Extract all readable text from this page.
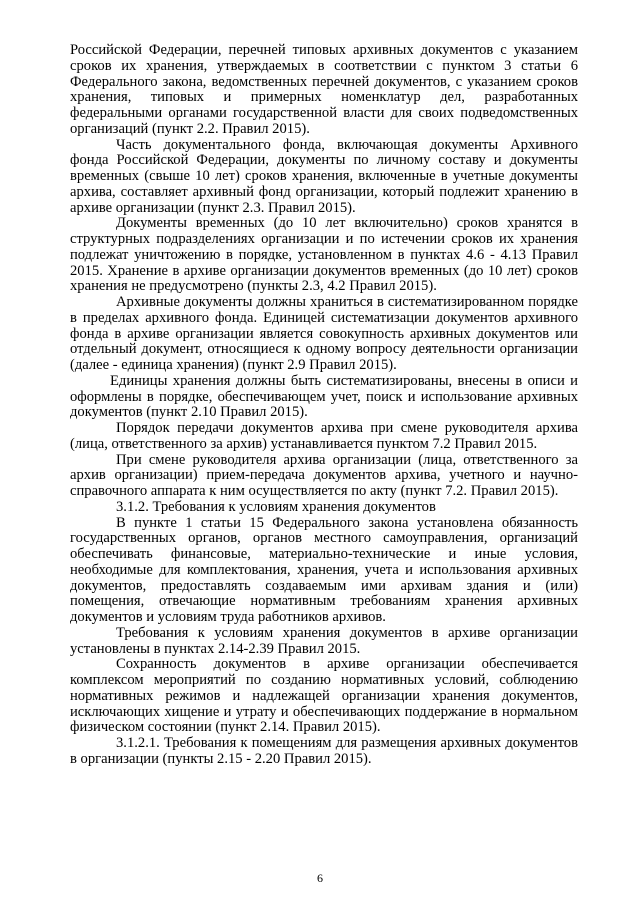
Российской Федерации, перечней типовых архивных документов с указанием сроков их хранения, утверждаемых в соответствии с пунктом 3 статьи 6 Федерального закона, ведомственных перечней документов, с указанием сроков хранения, типовых и примерных номенклатур дел, разработанных федеральными органами государственной власти для своих подведомственных организаций (пункт 2.2. Правил 2015).

Часть документального фонда, включающая документы Архивного фонда Российской Федерации, документы по личному составу и документы временных (свыше 10 лет) сроков хранения, включенные в учетные документы архива, составляет архивный фонд организации, который подлежит хранению в архиве организации (пункт 2.3. Правил 2015).

Документы временных (до 10 лет включительно) сроков хранятся в структурных подразделениях организации и по истечении сроков их хранения подлежат уничтожению в порядке, установленном в пунктах 4.6 - 4.13 Правил 2015. Хранение в архиве организации документов временных (до 10 лет) сроков хранения не предусмотрено (пункты 2.3, 4.2 Правил 2015).

Архивные документы должны храниться в систематизированном порядке в пределах архивного фонда. Единицей систематизации документов архивного фонда в архиве организации является совокупность архивных документов или отдельный документ, относящиеся к одному вопросу деятельности организации (далее - единица хранения) (пункт 2.9 Правил 2015).

Единицы хранения должны быть систематизированы, внесены в описи и оформлены в порядке, обеспечивающем учет, поиск и использование архивных документов (пункт 2.10 Правил 2015).

Порядок передачи документов архива при смене руководителя архива (лица, ответственного за архив) устанавливается пунктом 7.2 Правил 2015.

При смене руководителя архива организации (лица, ответственного за архив организации) прием-передача документов архива, учетного и научно-справочного аппарата к ним осуществляется по акту (пункт 7.2. Правил 2015).

3.1.2. Требования к условиям хранения документов

В пункте 1 статьи 15 Федерального закона установлена обязанность государственных органов, органов местного самоуправления, организаций обеспечивать финансовые, материально-технические и иные условия, необходимые для комплектования, хранения, учета и использования архивных документов, предоставлять создаваемым ими архивам здания и (или) помещения, отвечающие нормативным требованиям хранения архивных документов и условиям труда работников архивов.

Требования к условиям хранения документов в архиве организации установлены в пунктах 2.14-2.39 Правил 2015.

Сохранность документов в архиве организации обеспечивается комплексом мероприятий по созданию нормативных условий, соблюдению нормативных режимов и надлежащей организации хранения документов, исключающих хищение и утрату и обеспечивающих поддержание в нормальном физическом состоянии (пункт 2.14. Правил 2015).

3.1.2.1. Требования к помещениям для размещения архивных документов в организации (пункты 2.15 - 2.20 Правил 2015).

6
